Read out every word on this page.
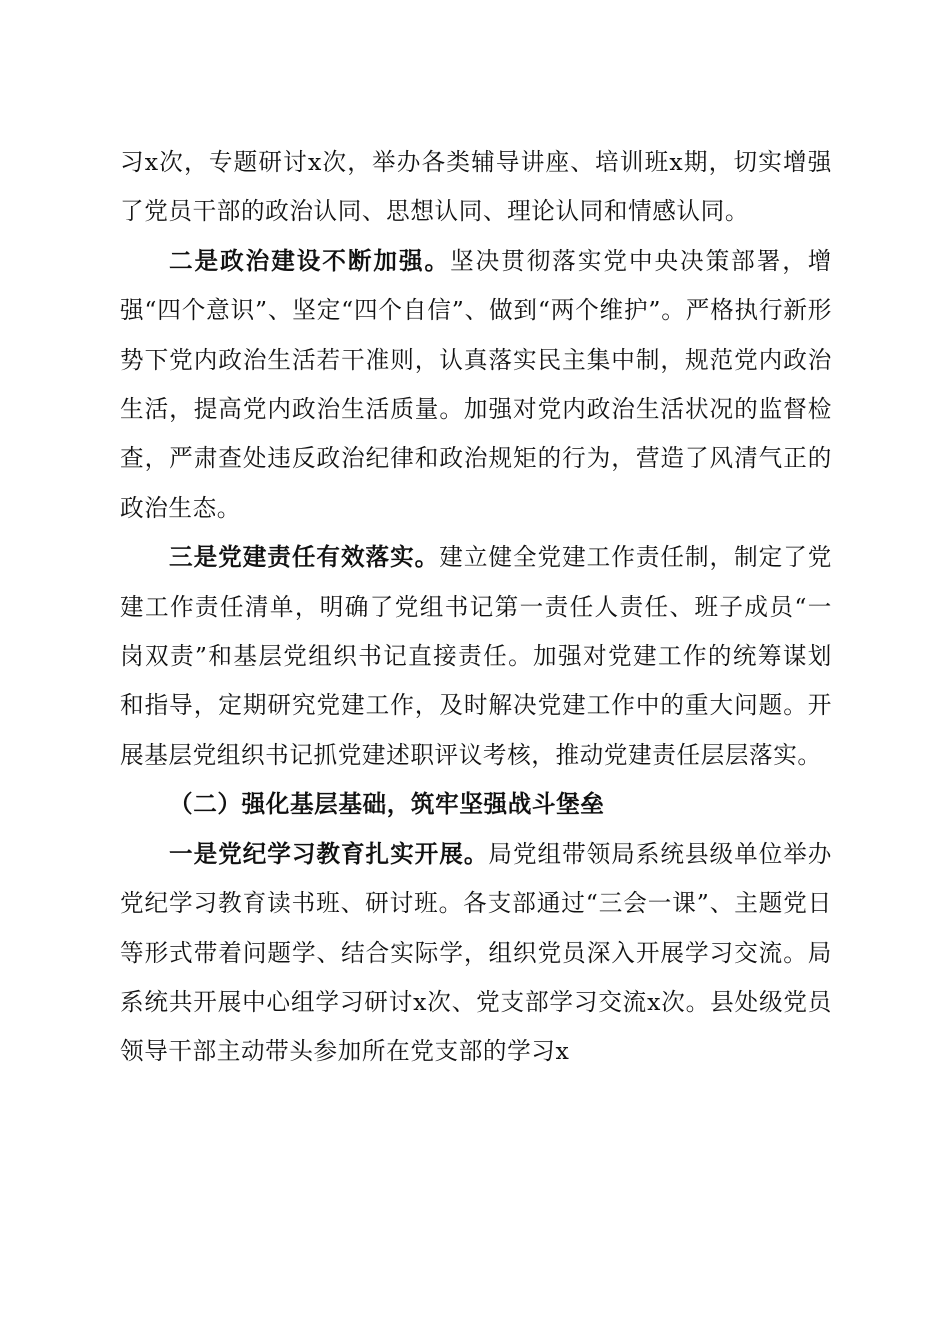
习x次，专题研讨x次，举办各类辅导讲座、培训班x期，切实增强了党员干部的政治认同、思想认同、理论认同和情感认同。

二是政治建设不断加强。坚决贯彻落实党中央决策部署，增强“四个意识”、坚定“四个自信”、做到“两个维护”。严格执行新形势下党内政治生活若干准则，认真落实民主集中制，规范党内政治生活，提高党内政治生活质量。加强对党内政治生活状况的监督检查，严肃查处违反政治纪律和政治规矩的行为，营造了风清气正的政治生态。

三是党建责任有效落实。建立健全党建工作责任制，制定了党建工作责任清单，明确了党组书记第一责任人责任、班子成员“一岗双责”和基层党组织书记直接责任。加强对党建工作的统筹谋划和指导，定期研究党建工作，及时解决党建工作中的重大问题。开展基层党组织书记抓党建述职评议考核，推动党建责任层层落实。

（二）强化基层基础，筑牢坚强战斗堡垒

一是党纪学习教育扎实开展。局党组带领局系统县级单位举办党纪学习教育读书班、研讨班。各支部通过“三会一课”、主题党日等形式带着问题学、结合实际学，组织党员深入开展学习交流。局系统共开展中心组学习研讨x次、党支部学习交流x次。县处级党员领导干部主动带头参加所在党支部的学习x
